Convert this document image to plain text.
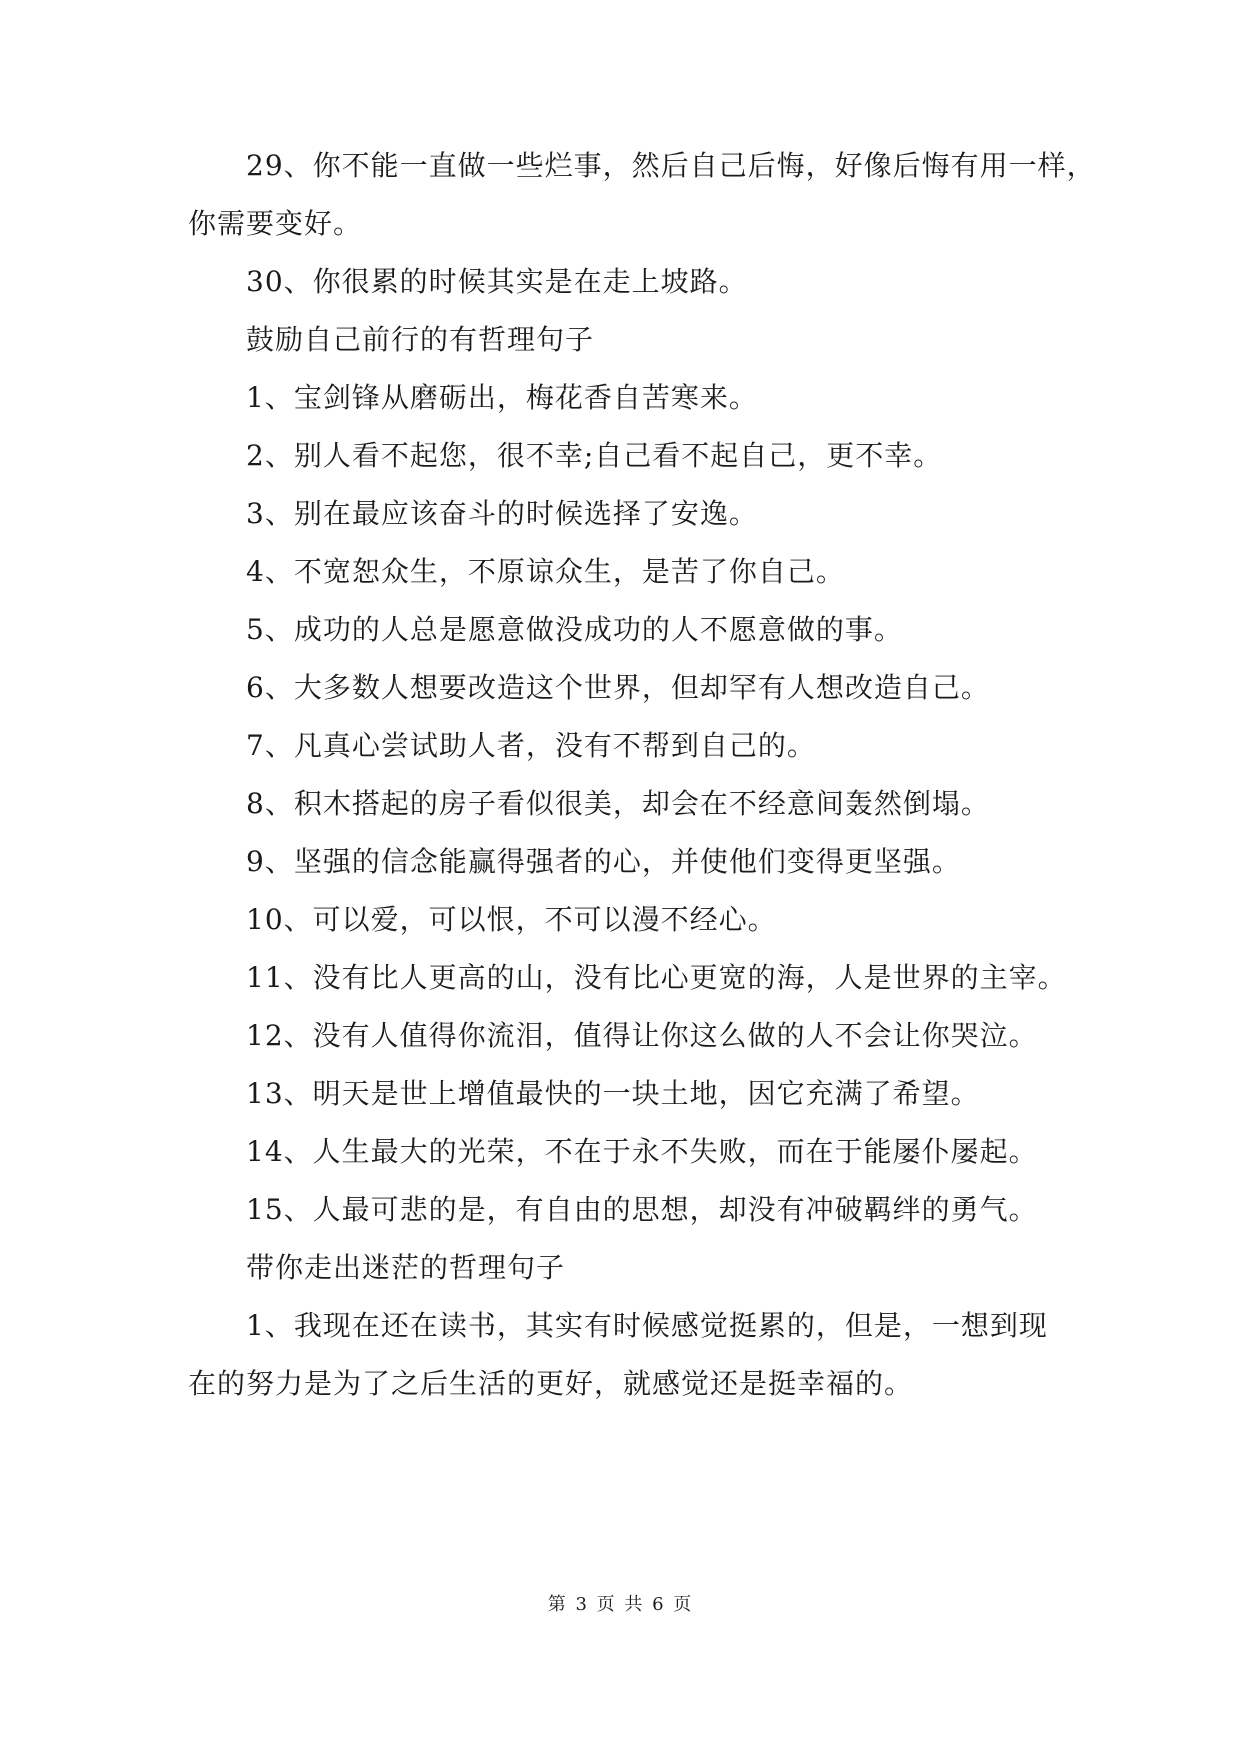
29、你不能一直做一些烂事，然后自己后悔，好像后悔有用一样，
你需要变好。
30、你很累的时候其实是在走上坡路。
鼓励自己前行的有哲理句子
1、宝剑锋从磨砺出，梅花香自苦寒来。
2、别人看不起您，很不幸;自己看不起自己，更不幸。
3、别在最应该奋斗的时候选择了安逸。
4、不宽恕众生，不原谅众生，是苦了你自己。
5、成功的人总是愿意做没成功的人不愿意做的事。
6、大多数人想要改造这个世界，但却罕有人想改造自己。
7、凡真心尝试助人者，没有不帮到自己的。
8、积木搭起的房子看似很美，却会在不经意间轰然倒塌。
9、坚强的信念能赢得强者的心，并使他们变得更坚强。
10、可以爱，可以恨，不可以漫不经心。
11、没有比人更高的山，没有比心更宽的海，人是世界的主宰。
12、没有人值得你流泪，值得让你这么做的人不会让你哭泣。
13、明天是世上增值最快的一块土地，因它充满了希望。
14、人生最大的光荣，不在于永不失败，而在于能屡仆屡起。
15、人最可悲的是，有自由的思想，却没有冲破羁绊的勇气。
带你走出迷茫的哲理句子
1、我现在还在读书，其实有时候感觉挺累的，但是，一想到现
在的努力是为了之后生活的更好，就感觉还是挺幸福的。
第 3 页 共 6 页
